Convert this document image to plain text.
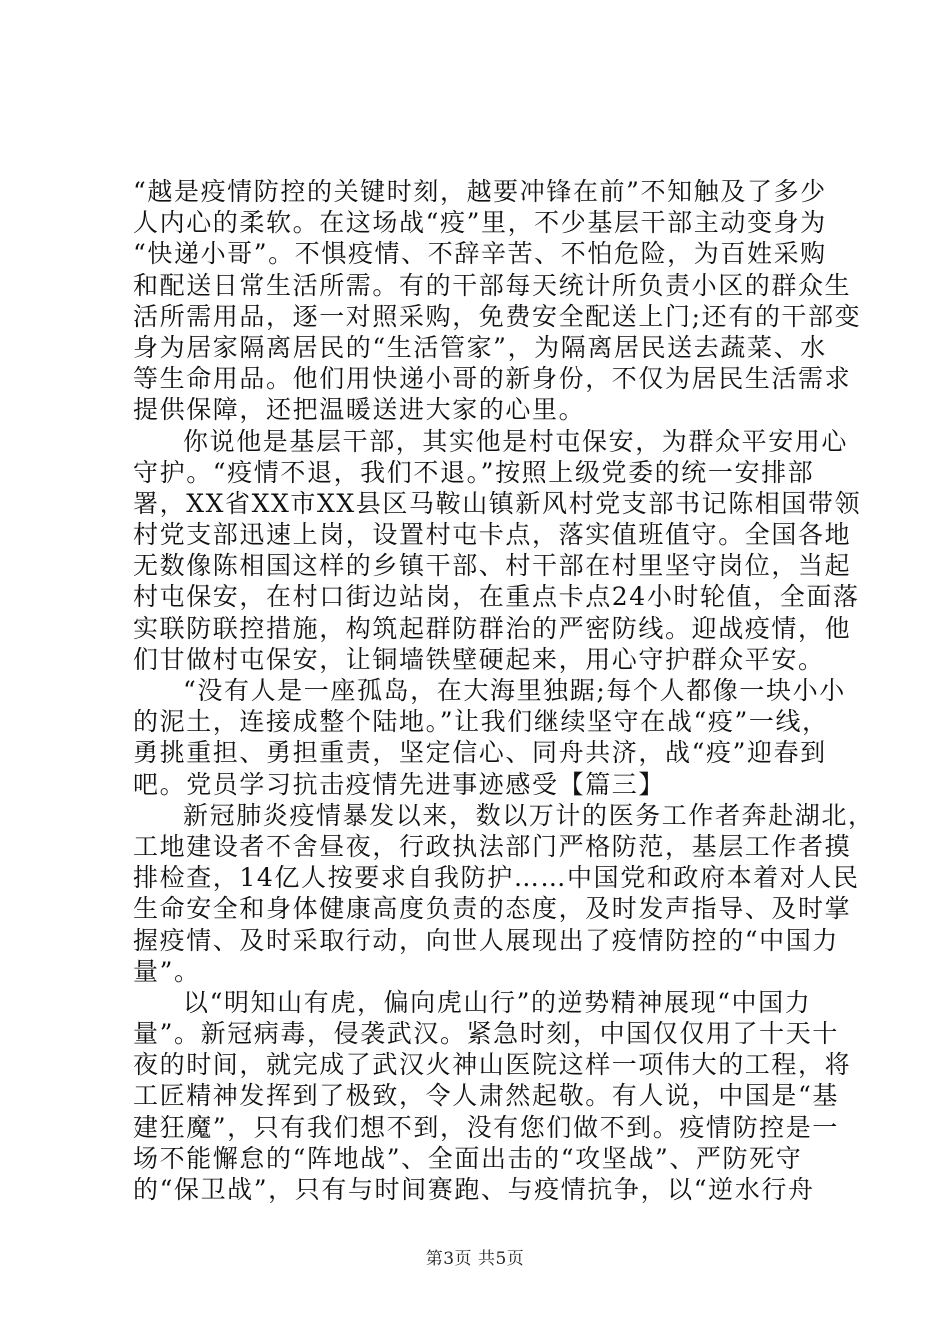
“越是疫情防控的关键时刻，越要冲锋在前”不知触及了多少
人内心的柔软。在这场战“疫”里，不少基层干部主动变身为
“快递小哥”。不惧疫情、不辞辛苦、不怕危险，为百姓采购
和配送日常生活所需。有的干部每天统计所负责小区的群众生
活所需用品，逐一对照采购，免费安全配送上门;还有的干部变
身为居家隔离居民的“生活管家”，为隔离居民送去蔬菜、水
等生命用品。他们用快递小哥的新身份，不仅为居民生活需求
提供保障，还把温暖送进大家的心里。
你说他是基层干部，其实他是村屯保安，为群众平安用心
守护。“疫情不退，我们不退。”按照上级党委的统一安排部
署，XX省XX市XX县区马鞍山镇新风村党支部书记陈相国带领
村党支部迅速上岗，设置村屯卡点，落实值班值守。全国各地
无数像陈相国这样的乡镇干部、村干部在村里坚守岗位，当起
村屯保安，在村口街边站岗，在重点卡点24小时轮值，全面落
实联防联控措施，构筑起群防群治的严密防线。迎战疫情，他
们甘做村屯保安，让铜墙铁壁硬起来，用心守护群众平安。
“没有人是一座孤岛，在大海里独踞;每个人都像一块小小
的泥土，连接成整个陆地。”让我们继续坚守在战“疫”一线，
勇挑重担、勇担重责，坚定信心、同舟共济，战“疫”迎春到
吧。党员学习抗击疫情先进事迹感受【篇三】
新冠肺炎疫情暴发以来，数以万计的医务工作者奔赴湖北，
工地建设者不舍昼夜，行政执法部门严格防范，基层工作者摸
排检查，14亿人按要求自我防护……中国党和政府本着对人民
生命安全和身体健康高度负责的态度，及时发声指导、及时掌
握疫情、及时采取行动，向世人展现出了疫情防控的“中国力
量”。
以“明知山有虎，偏向虎山行”的逆势精神展现“中国力
量”。新冠病毒，侵袭武汉。紧急时刻，中国仅仅用了十天十
夜的时间，就完成了武汉火神山医院这样一项伟大的工程，将
工匠精神发挥到了极致，令人肃然起敬。有人说，中国是“基
建狂魔”，只有我们想不到，没有您们做不到。疫情防控是一
场不能懈怠的“阵地战”、全面出击的“攻坚战”、严防死守
的“保卫战”，只有与时间赛跑、与疫情抗争，以“逆水行舟
第3页 共5页
